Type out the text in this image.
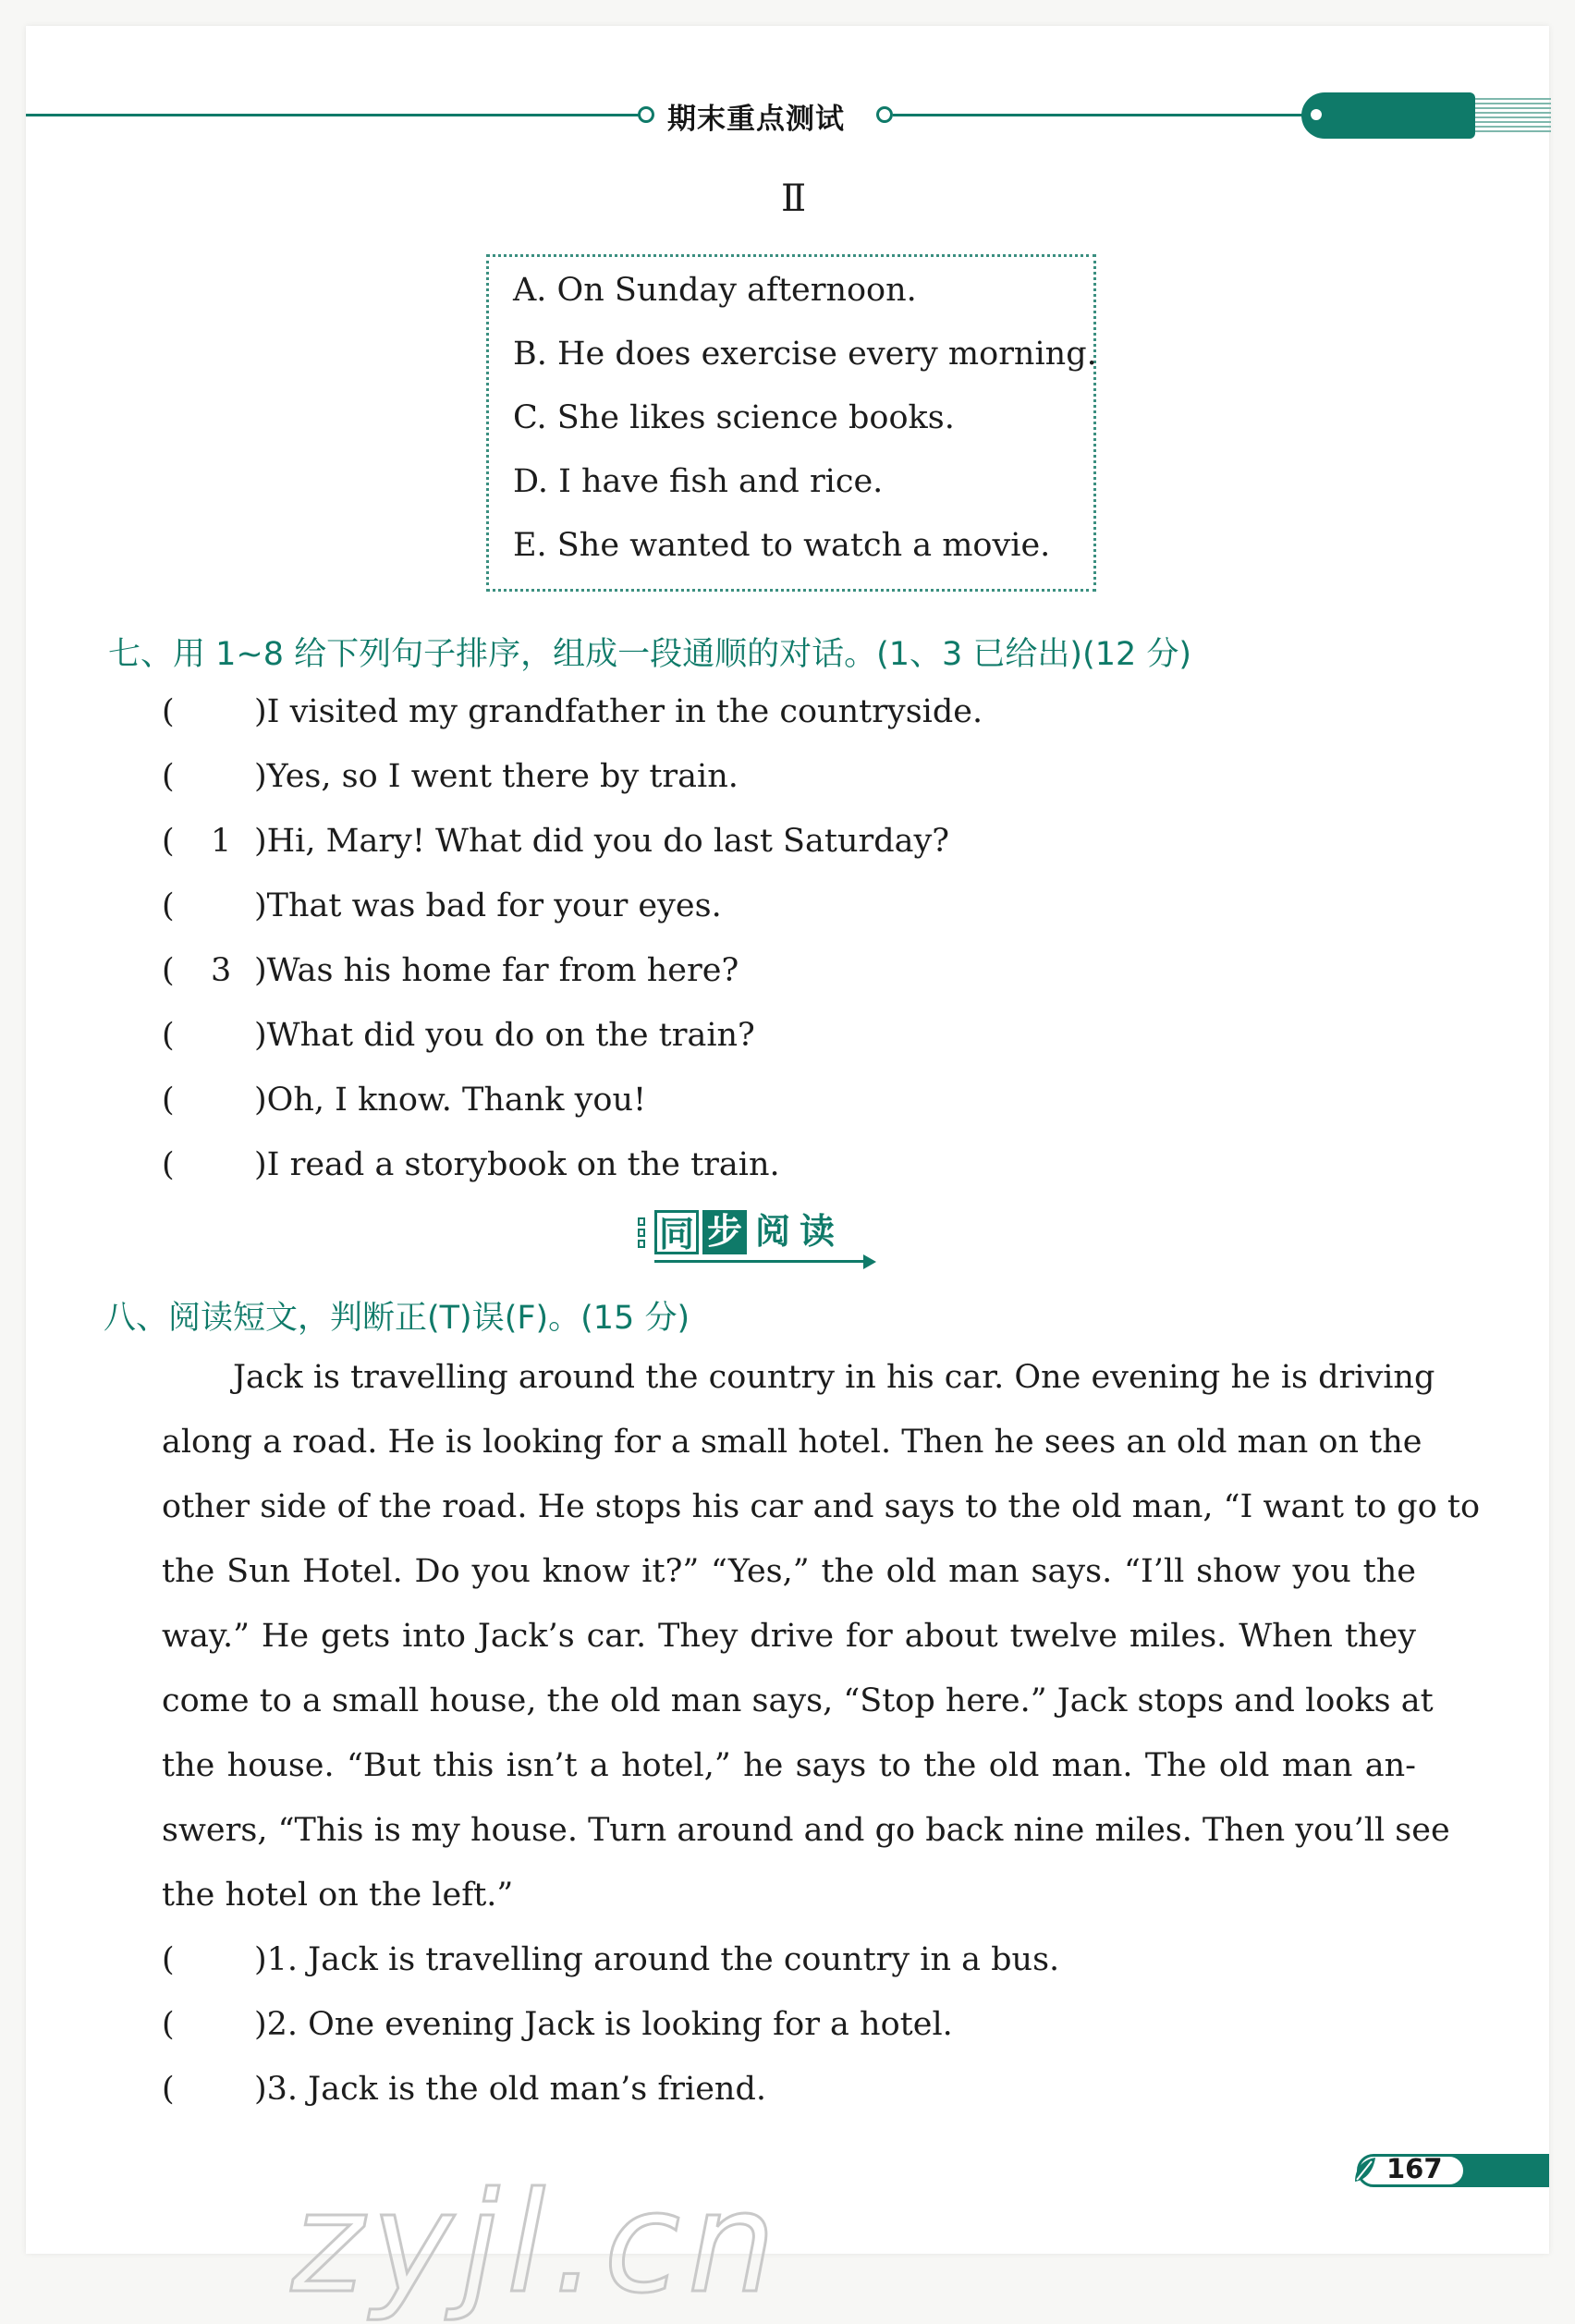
期末重点测试
Ⅱ
A. On Sunday afternoon.
B. He does exercise every morning.
C. She likes science books.
D. I have fish and rice.
E. She wanted to watch a movie.
七、用 1~8 给下列句子排序，组成一段通顺的对话。(1、3 已给出)(12 分)
( )I visited my grandfather in the countryside.
( )Yes, so I went there by train.
( 1 )Hi, Mary! What did you do last Saturday?
( )That was bad for your eyes.
( 3 )Was his home far from here?
( )What did you do on the train?
( )Oh, I know. Thank you!
( )I read a storybook on the train.
同 步 阅 读
八、阅读短文，判断正(T)误(F)。(15 分)
Jack is travelling around the country in his car. One evening he is driving
along a road. He is looking for a small hotel. Then he sees an old man on the
other side of the road. He stops his car and says to the old man, “I want to go to
the Sun Hotel. Do you know it?” “Yes,” the old man says. “I’ll show you the
way.” He gets into Jack’s car. They drive for about twelve miles. When they
come to a small house, the old man says, “Stop here.” Jack stops and looks at
the house. “But this isn’t a hotel,” he says to the old man. The old man an-
swers, “This is my house. Turn around and go back nine miles. Then you’ll see
the hotel on the left.”
( )1. Jack is travelling around the country in a bus.
( )2. One evening Jack is looking for a hotel.
( )3. Jack is the old man’s friend.
167
zyjl.cn
